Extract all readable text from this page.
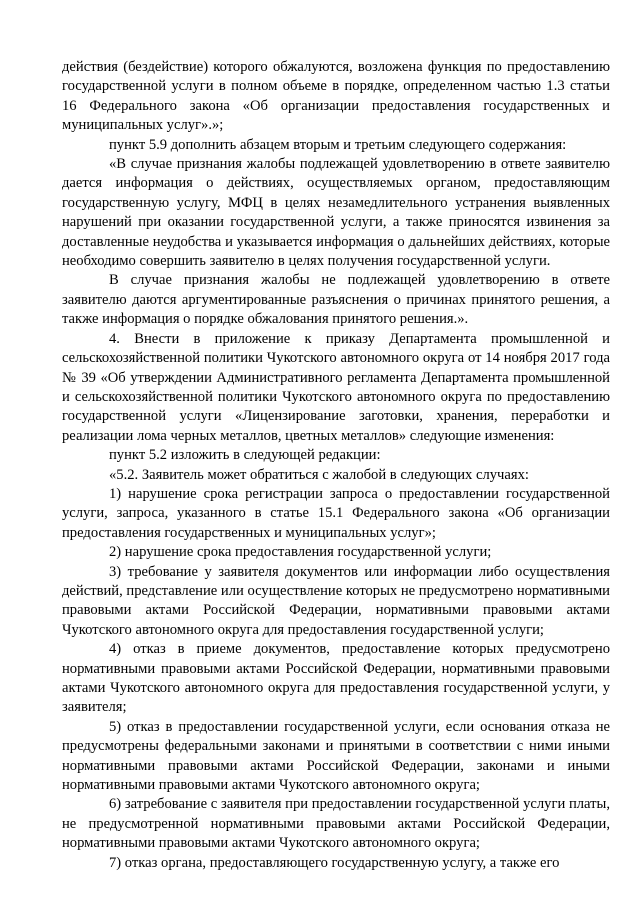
действия (бездействие) которого обжалуются, возложена функция по предоставлению государственной услуги в полном объеме в порядке, определенном частью 1.3 статьи 16 Федерального закона «Об организации предоставления государственных и муниципальных услуг».»;

пункт 5.9 дополнить абзацем вторым и третьим следующего содержания:

«В случае признания жалобы подлежащей удовлетворению в ответе заявителю дается информация о действиях, осуществляемых органом, предоставляющим государственную услугу, МФЦ в целях незамедлительного устранения выявленных нарушений при оказании государственной услуги, а также приносятся извинения за доставленные неудобства и указывается информация о дальнейших действиях, которые необходимо совершить заявителю в целях получения государственной услуги.

В случае признания жалобы не подлежащей удовлетворению в ответе заявителю даются аргументированные разъяснения о причинах принятого решения, а также информация о порядке обжалования принятого решения.».

4. Внести в приложение к приказу Департамента промышленной и сельскохозяйственной политики Чукотского автономного округа от 14 ноября 2017 года № 39 «Об утверждении Административного регламента Департамента промышленной и сельскохозяйственной политики Чукотского автономного округа по предоставлению государственной услуги «Лицензирование заготовки, хранения, переработки и реализации лома черных металлов, цветных металлов» следующие изменения:

пункт 5.2 изложить в следующей редакции:

«5.2. Заявитель может обратиться с жалобой в следующих случаях:

1) нарушение срока регистрации запроса о предоставлении государственной услуги, запроса, указанного в статье 15.1 Федерального закона «Об организации предоставления государственных и муниципальных услуг»;

2) нарушение срока предоставления государственной услуги;

3) требование у заявителя документов или информации либо осуществления действий, представление или осуществление которых не предусмотрено нормативными правовыми актами Российской Федерации, нормативными правовыми актами Чукотского автономного округа для предоставления государственной услуги;

4) отказ в приеме документов, предоставление которых предусмотрено нормативными правовыми актами Российской Федерации, нормативными правовыми актами Чукотского автономного округа для предоставления государственной услуги, у заявителя;

5) отказ в предоставлении государственной услуги, если основания отказа не предусмотрены федеральными законами и принятыми в соответствии с ними иными нормативными правовыми актами Российской Федерации, законами и иными нормативными правовыми актами Чукотского автономного округа;

6) затребование с заявителя при предоставлении государственной услуги платы, не предусмотренной нормативными правовыми актами Российской Федерации, нормативными правовыми актами Чукотского автономного округа;

7) отказ органа, предоставляющего государственную услугу, а также его
